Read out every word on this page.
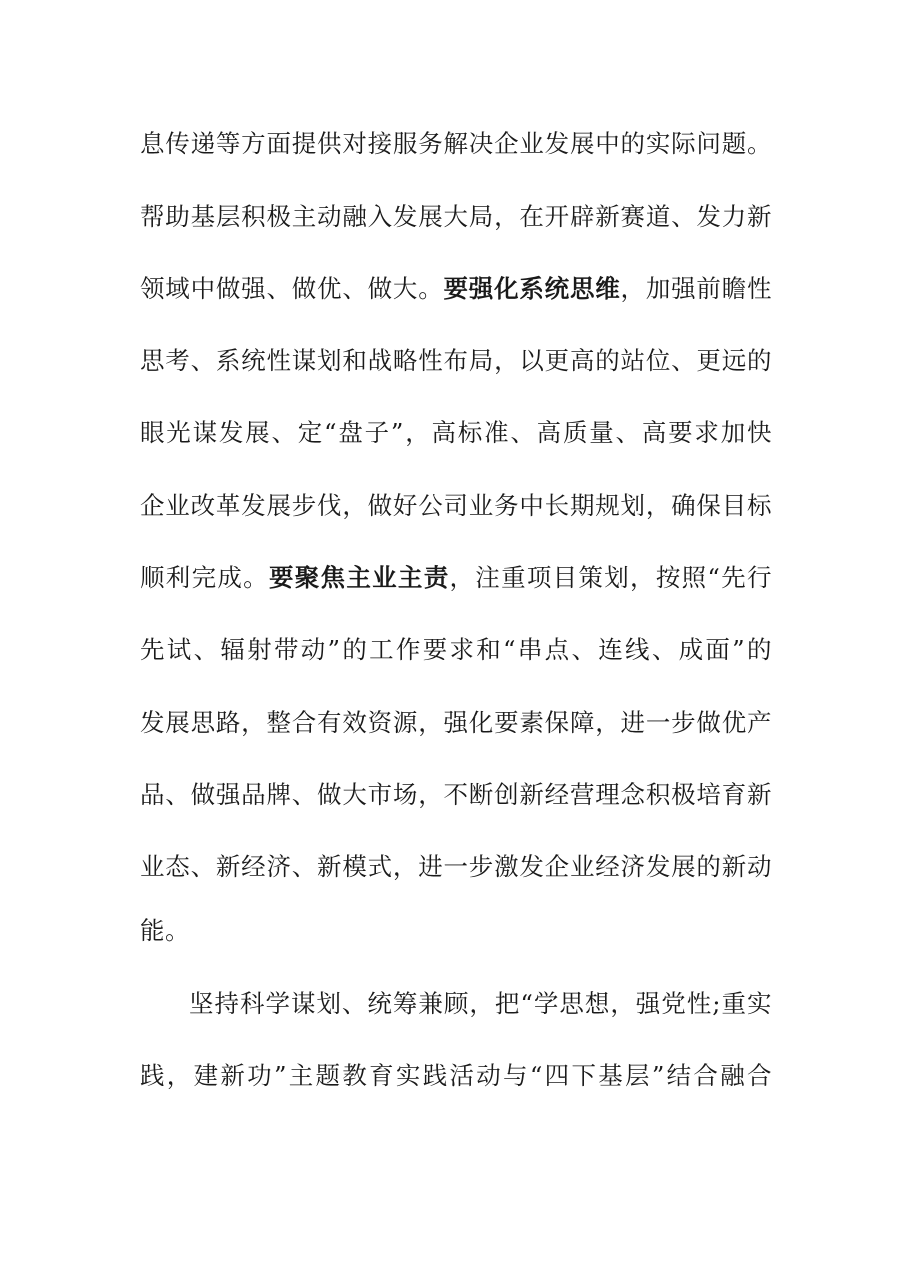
息传递等方面提供对接服务解决企业发展中的实际问题。
帮助基层积极主动融入发展大局，在开辟新赛道、发力新
领域中做强、做优、做大。要强化系统思维，加强前瞻性
思考、系统性谋划和战略性布局，以更高的站位、更远的
眼光谋发展、定“盘子”，高标准、高质量、高要求加快
企业改革发展步伐，做好公司业务中长期规划，确保目标
顺利完成。要聚焦主业主责，注重项目策划，按照“先行
先试、辐射带动”的工作要求和“串点、连线、成面”的
发展思路，整合有效资源，强化要素保障，进一步做优产
品、做强品牌、做大市场，不断创新经营理念积极培育新
业态、新经济、新模式，进一步激发企业经济发展的新动
能。
坚持科学谋划、统筹兼顾，把“学思想，强党性;重实
践，建新功”主题教育实践活动与“四下基层”结合融合
